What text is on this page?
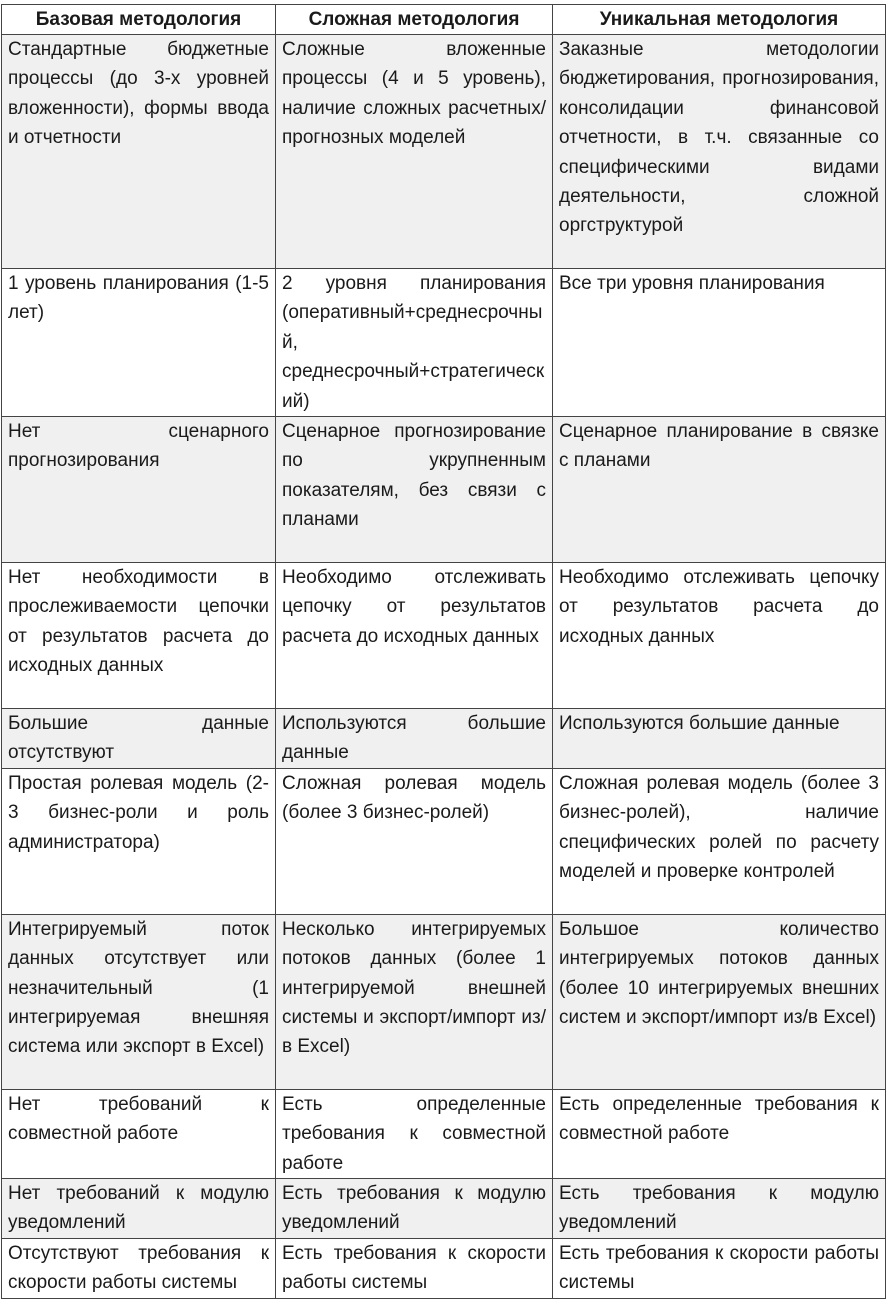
Базовая методология	Сложная методология	Уникальная методология
Стандартные бюджетные процессы (до 3-х уровней вложенности), формы ввода и отчетности	Сложные вложенные процессы (4 и 5 уровень), наличие сложных расчетных/прогнозных моделей	Заказные методологии бюджетирования, прогнозирования, консолидации финансовой отчетности, в т.ч. связанные со специфическими видами деятельности, сложной оргструктурой
1 уровень планирования (1-5 лет)	2 уровня планирования (оперативный+среднесрочный, среднесрочный+стратегический)	Все три уровня планирования
Нет сценарного прогнозирования	Сценарное прогнозирование по укрупненным показателям, без связи с планами	Сценарное планирование в связке с планами
Нет необходимости в прослеживаемости цепочки от результатов расчета до исходных данных	Необходимо отслеживать цепочку от результатов расчета до исходных данных	Необходимо отслеживать цепочку от результатов расчета до исходных данных
Большие данные отсутствуют	Используются большие данные	Используются большие данные
Простая ролевая модель (2-3 бизнес-роли и роль администратора)	Сложная ролевая модель (более 3 бизнес-ролей)	Сложная ролевая модель (более 3 бизнес-ролей), наличие специфических ролей по расчету моделей и проверке контролей
Интегрируемый поток данных отсутствует или незначительный (1 интегрируемая внешняя система или экспорт в Excel)	Несколько интегрируемых потоков данных (более 1 интегрируемой внешней системы и экспорт/импорт из/в Excel)	Большое количество интегрируемых потоков данных (более 10 интегрируемых внешних систем и экспорт/импорт из/в Excel)
Нет требований к совместной работе	Есть определенные требования к совместной работе	Есть определенные требования к совместной работе
Нет требований к модулю уведомлений	Есть требования к модулю уведомлений	Есть требования к модулю уведомлений
Отсутствуют требования к скорости работы системы	Есть требования к скорости работы системы	Есть требования к скорости работы системы
